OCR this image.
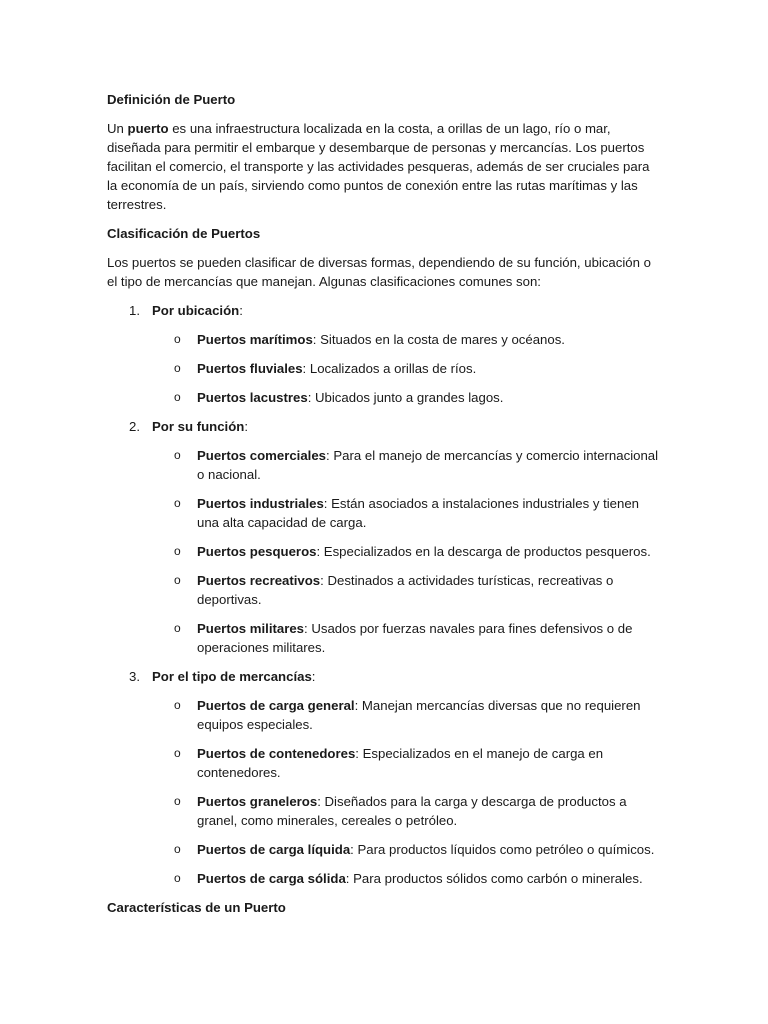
Definición de Puerto

Un puerto es una infraestructura localizada en la costa, a orillas de un lago, río o mar, diseñada para permitir el embarque y desembarque de personas y mercancías. Los puertos facilitan el comercio, el transporte y las actividades pesqueras, además de ser cruciales para la economía de un país, sirviendo como puntos de conexión entre las rutas marítimas y las terrestres.

Clasificación de Puertos

Los puertos se pueden clasificar de diversas formas, dependiendo de su función, ubicación o el tipo de mercancías que manejan. Algunas clasificaciones comunes son:

1. Por ubicación:
o Puertos marítimos: Situados en la costa de mares y océanos.
o Puertos fluviales: Localizados a orillas de ríos.
o Puertos lacustres: Ubicados junto a grandes lagos.
2. Por su función:
o Puertos comerciales: Para el manejo de mercancías y comercio internacional o nacional.
o Puertos industriales: Están asociados a instalaciones industriales y tienen una alta capacidad de carga.
o Puertos pesqueros: Especializados en la descarga de productos pesqueros.
o Puertos recreativos: Destinados a actividades turísticas, recreativas o deportivas.
o Puertos militares: Usados por fuerzas navales para fines defensivos o de operaciones militares.
3. Por el tipo de mercancías:
o Puertos de carga general: Manejan mercancías diversas que no requieren equipos especiales.
o Puertos de contenedores: Especializados en el manejo de carga en contenedores.
o Puertos graneleros: Diseñados para la carga y descarga de productos a granel, como minerales, cereales o petróleo.
o Puertos de carga líquida: Para productos líquidos como petróleo o químicos.
o Puertos de carga sólida: Para productos sólidos como carbón o minerales.
Características de un Puerto
